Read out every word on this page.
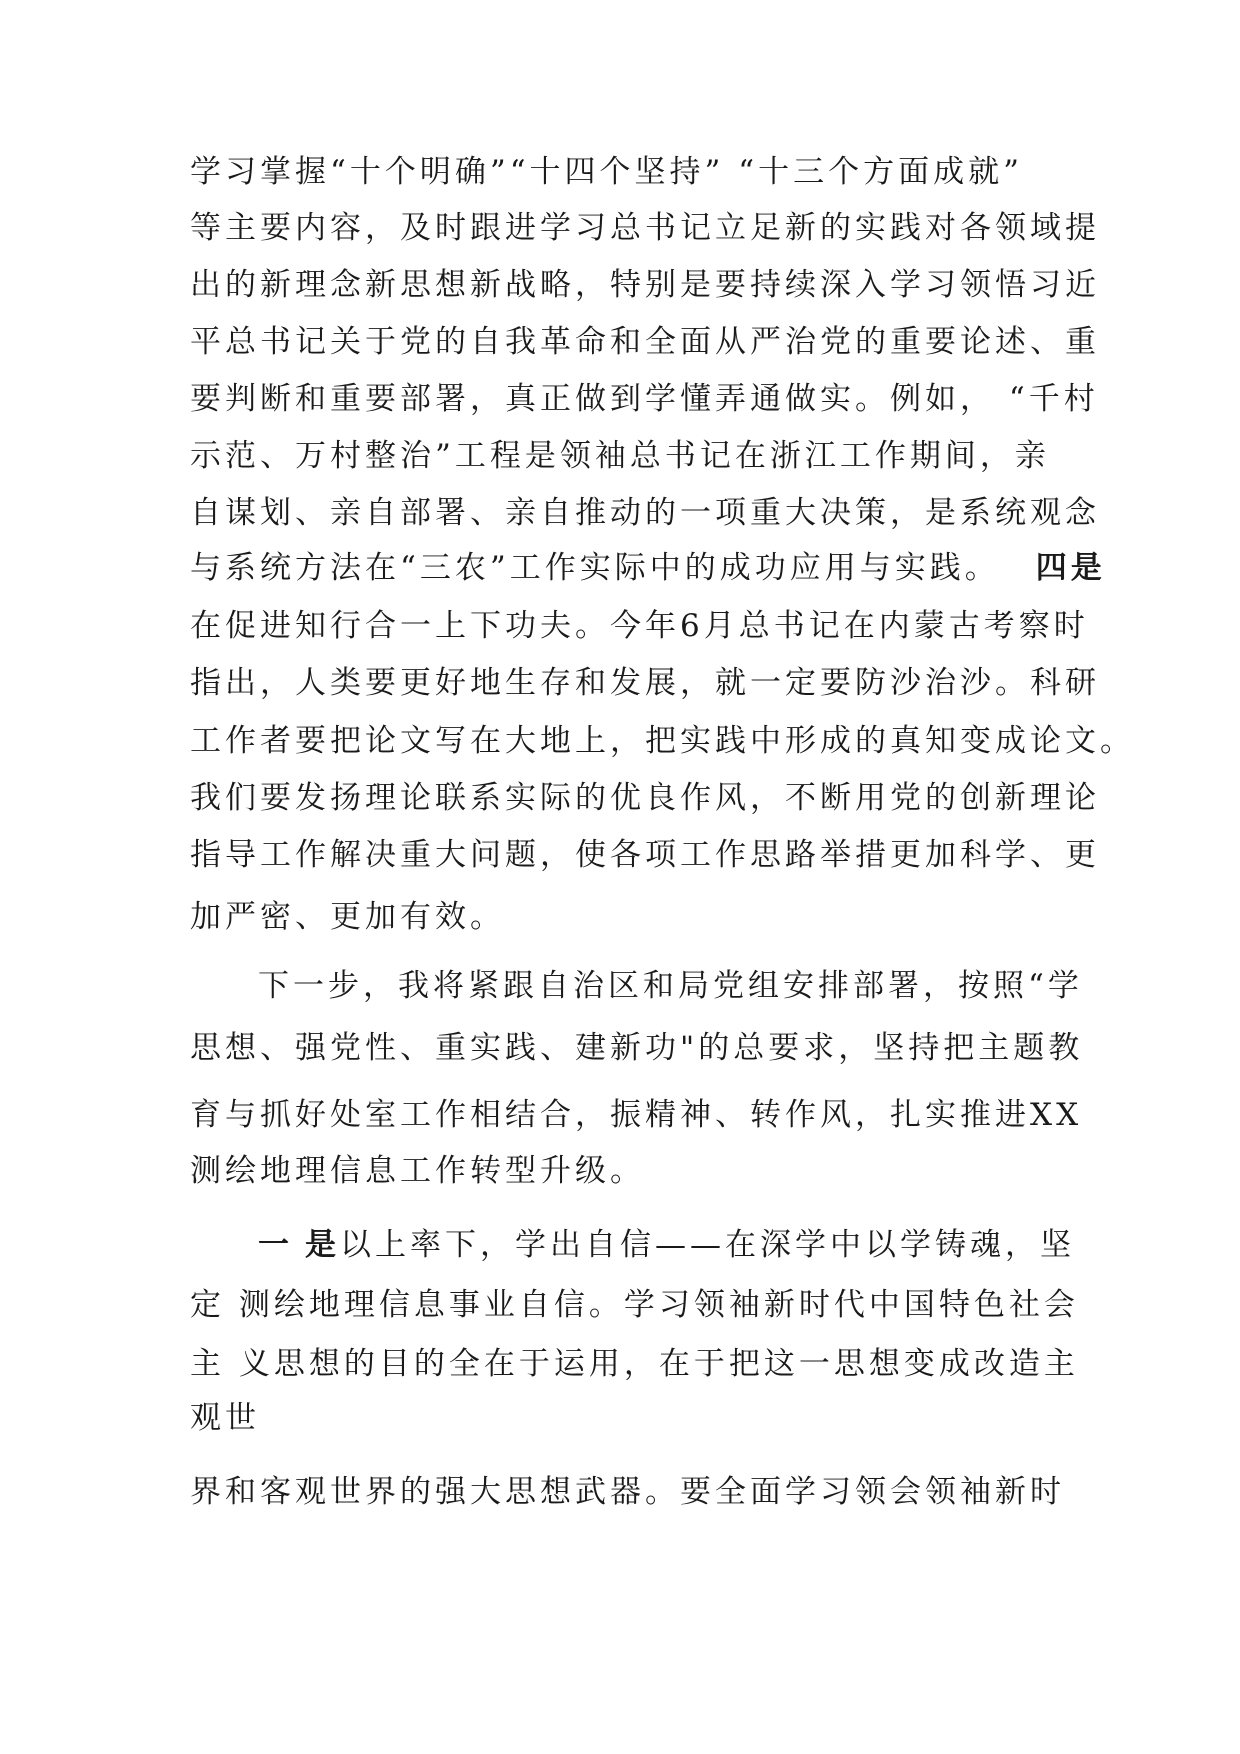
学习掌握“十个明确”“十四个坚持” “十三个方面成就”
等主要内容，及时跟进学习总书记立足新的实践对各领域提
出的新理念新思想新战略，特别是要持续深入学习领悟习近
平总书记关于党的自我革命和全面从严治党的重要论述、重
要判断和重要部署，真正做到学懂弄通做实。例如， “千村
示范、万村整治”工程是领袖总书记在浙江工作期间，亲
自谋划、亲自部署、亲自推动的一项重大决策，是系统观念
与系统方法在“三农”工作实际中的成功应用与实践。 四是
在促进知行合一上下功夫。今年6月总书记在内蒙古考察时
指出，人类要更好地生存和发展，就一定要防沙治沙。科研
工作者要把论文写在大地上，把实践中形成的真知变成论文。
我们要发扬理论联系实际的优良作风，不断用党的创新理论
指导工作解决重大问题，使各项工作思路举措更加科学、更
加严密、更加有效。
下一步，我将紧跟自治区和局党组安排部署，按照“学
思想、强党性、重实践、建新功"的总要求，坚持把主题教
育与抓好处室工作相结合，振精神、转作风，扎实推进XX
测绘地理信息工作转型升级。
一 是以上率下，学出自信——在深学中以学铸魂，坚
定 测绘地理信息事业自信。学习领袖新时代中国特色社会
主 义思想的目的全在于运用，在于把这一思想变成改造主
观世
界和客观世界的强大思想武器。要全面学习领会领袖新时
